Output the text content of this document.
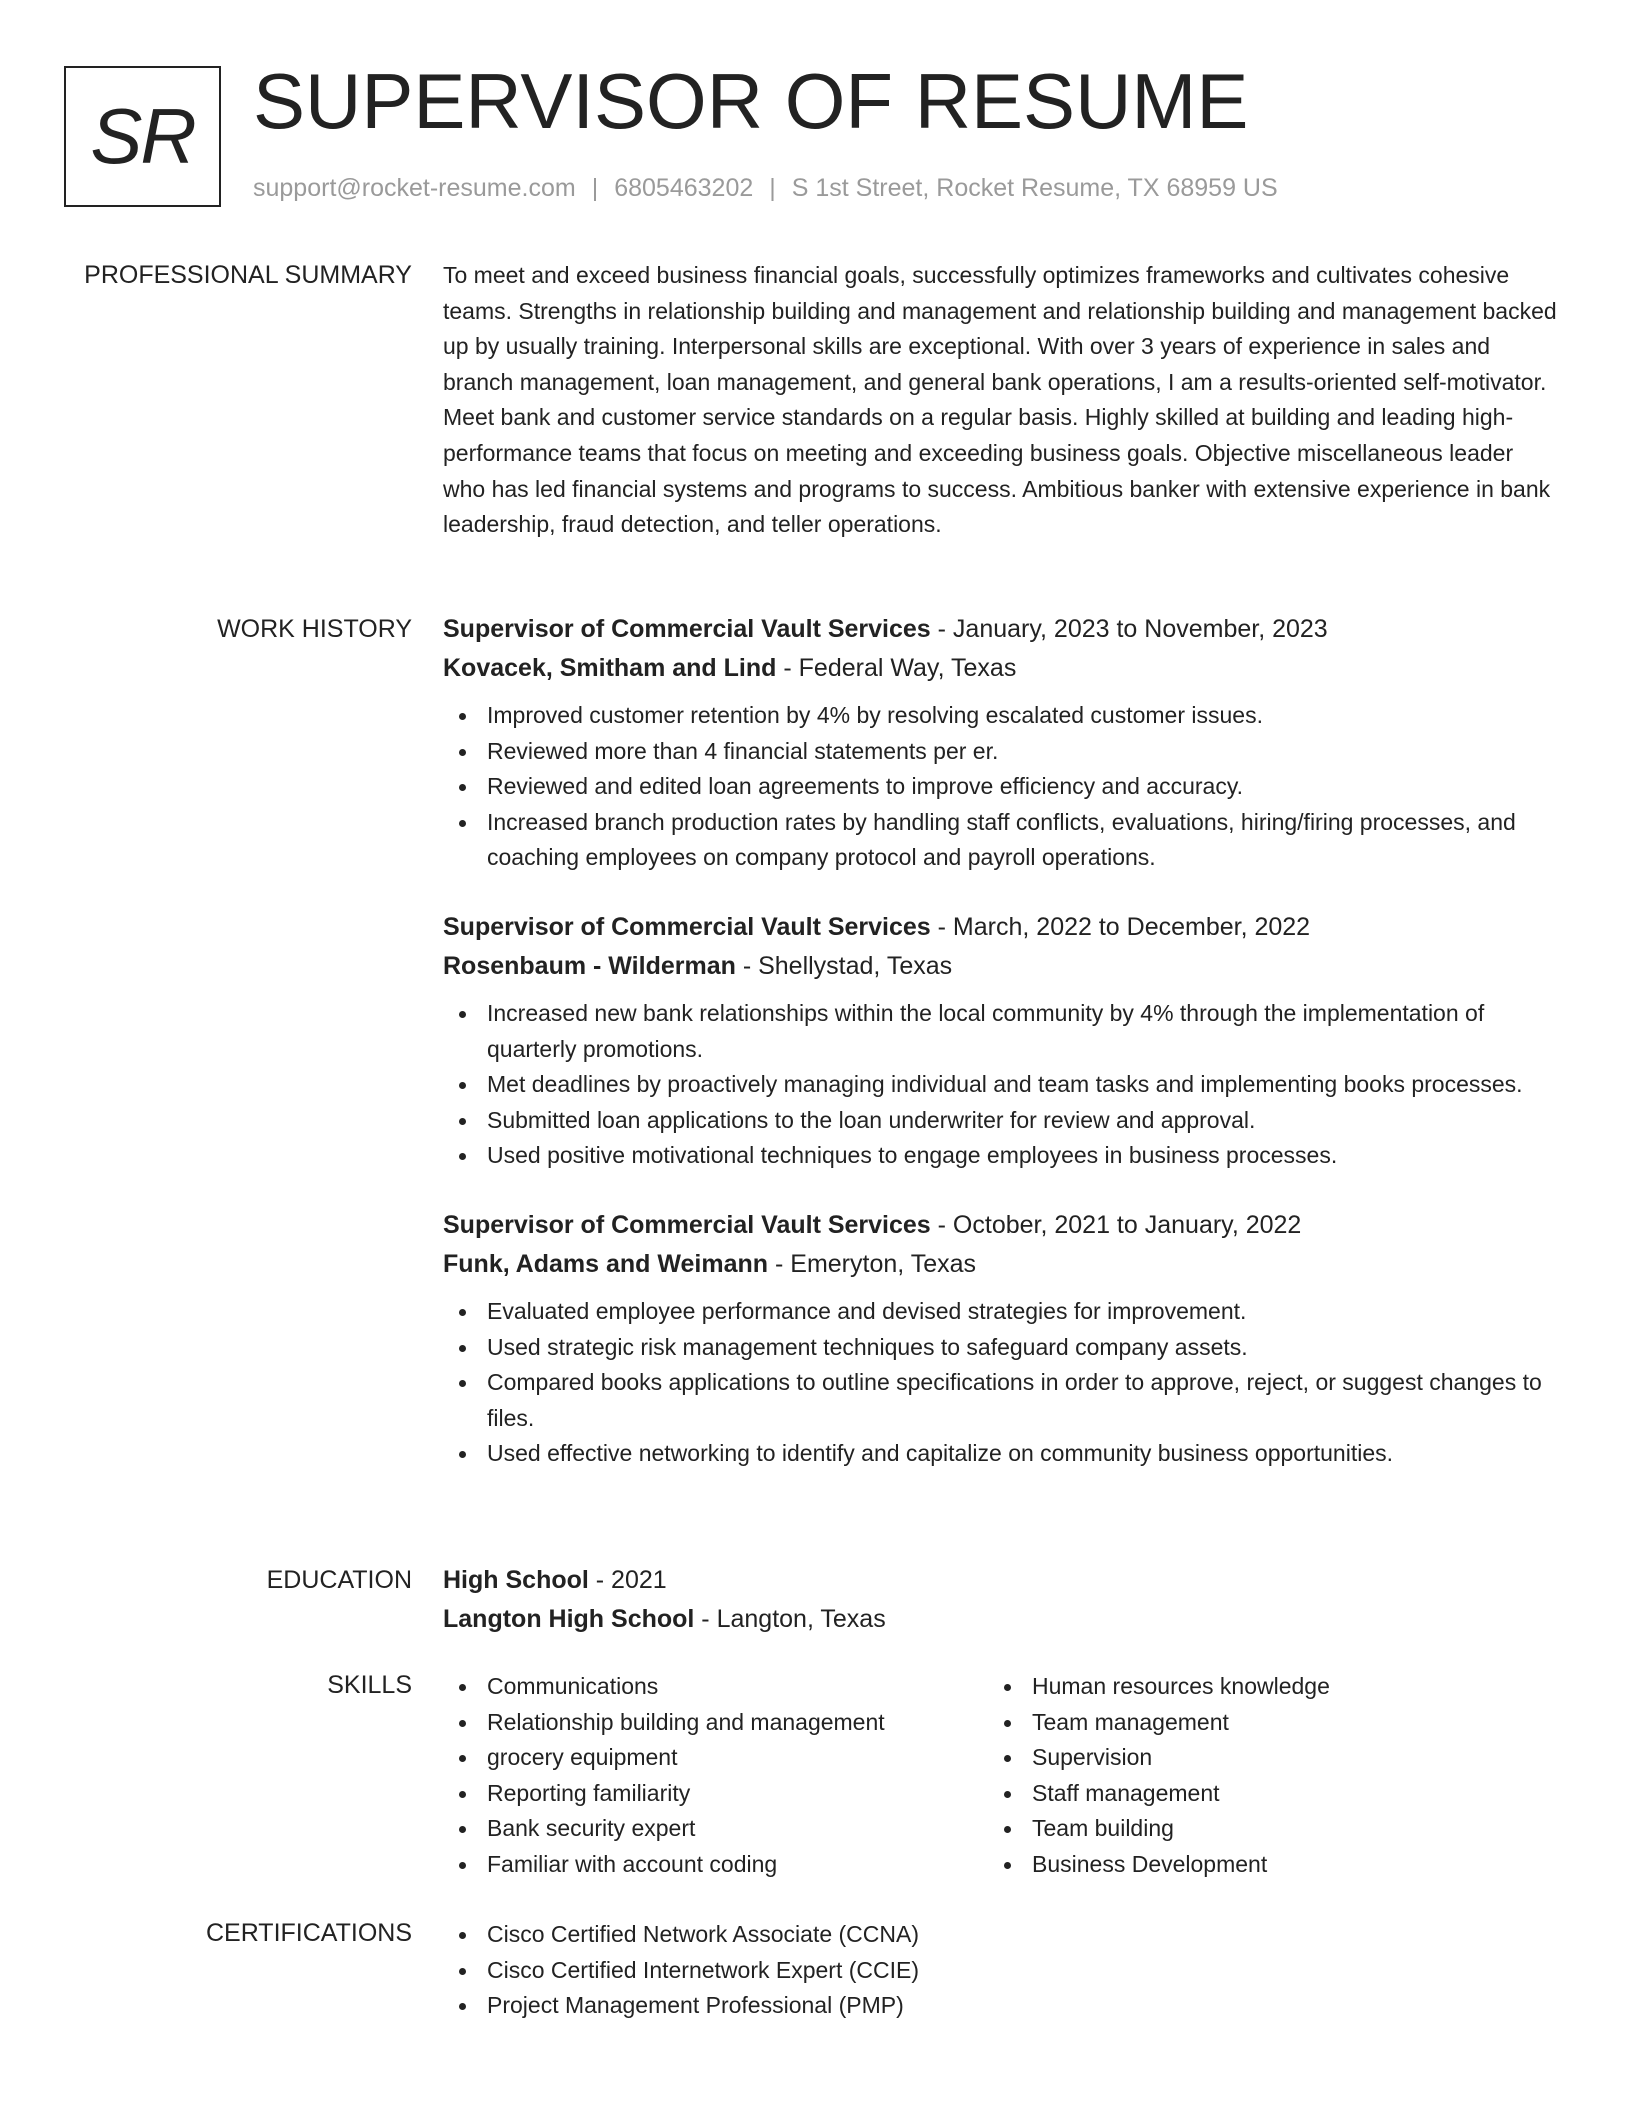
SR SUPERVISOR OF RESUME
support@rocket-resume.com | 6805463202 | S 1st Street, Rocket Resume, TX 68959 US
PROFESSIONAL SUMMARY To meet and exceed business financial goals, successfully optimizes frameworks and cultivates cohesive teams. Strengths in relationship building and management and relationship building and management backed up by usually training. Interpersonal skills are exceptional. With over 3 years of experience in sales and branch management, loan management, and general bank operations, I am a results-oriented self-motivator. Meet bank and customer service standards on a regular basis. Highly skilled at building and leading high-performance teams that focus on meeting and exceeding business goals. Objective miscellaneous leader who has led financial systems and programs to success. Ambitious banker with extensive experience in bank leadership, fraud detection, and teller operations.

WORK HISTORY Supervisor of Commercial Vault Services - January, 2023 to November, 2023
Kovacek, Smitham and Lind - Federal Way, Texas
Improved customer retention by 4% by resolving escalated customer issues.
Reviewed more than 4 financial statements per er.
Reviewed and edited loan agreements to improve efficiency and accuracy.
Increased branch production rates by handling staff conflicts, evaluations, hiring/firing processes, and coaching employees on company protocol and payroll operations.
Supervisor of Commercial Vault Services - March, 2022 to December, 2022
Rosenbaum - Wilderman - Shellystad, Texas
Increased new bank relationships within the local community by 4% through the implementation of quarterly promotions.
Met deadlines by proactively managing individual and team tasks and implementing books processes.
Submitted loan applications to the loan underwriter for review and approval.
Used positive motivational techniques to engage employees in business processes.
Supervisor of Commercial Vault Services - October, 2021 to January, 2022
Funk, Adams and Weimann - Emeryton, Texas
Evaluated employee performance and devised strategies for improvement.
Used strategic risk management techniques to safeguard company assets.
Compared books applications to outline specifications in order to approve, reject, or suggest changes to files.
Used effective networking to identify and capitalize on community business opportunities.
EDUCATION High School - 2021
Langton High School - Langton, Texas
SKILLS	Communications
Relationship building and management
grocery equipment
Reporting familiarity
Bank security expert
Familiar with account coding
Human resources knowledge
Team management
Supervision
Staff management
Team building
Business Development
CERTIFICATIONS	Cisco Certified Network Associate (CCNA)
Cisco Certified Internetwork Expert (CCIE)
Project Management Professional (PMP)
